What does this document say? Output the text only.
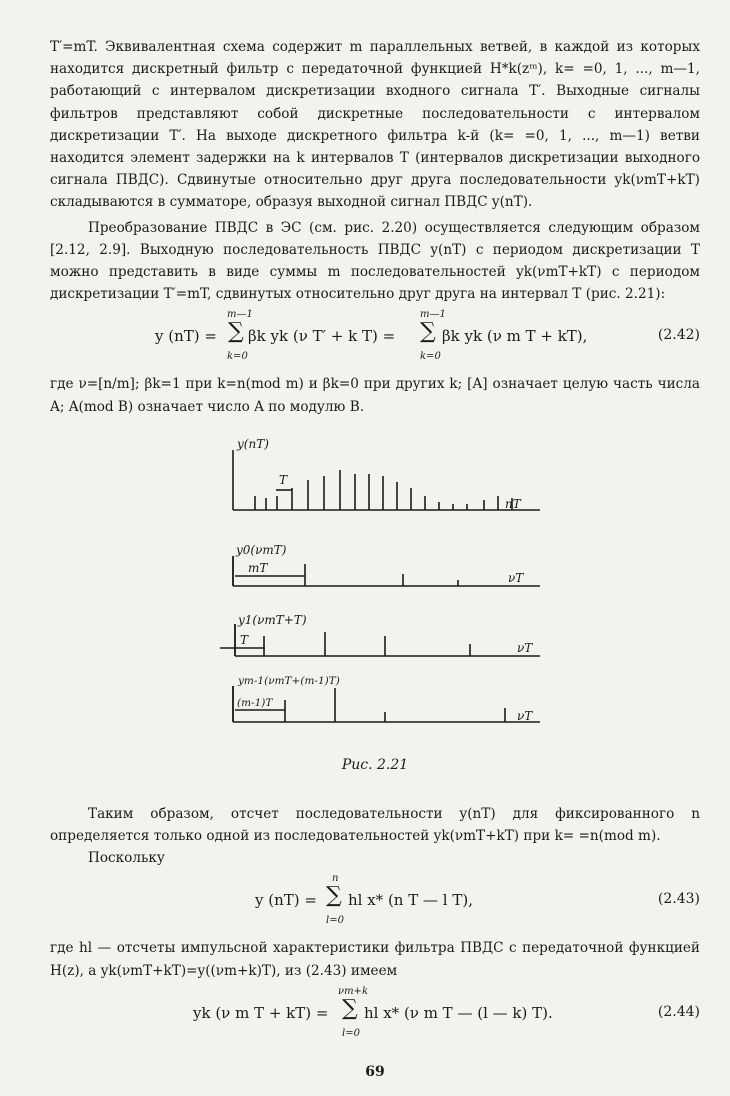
T′=mT. Эквивалентная схема содержит m параллельных ветвей, в каждой из которых находится дискретный фильтр с передаточной функцией H*k(zᵐ), k= =0, 1, ..., m—1, работающий с интервалом дискретизации входного сигнала T′. Выходные сигналы фильтров представляют собой дискретные последовательности с интервалом дискретизации T′. На выходе дискретного фильтра k-й (k= =0, 1, ..., m—1) ветви находится элемент задержки на k интервалов T (интервалов дискретизации выходного сигнала ПВДС). Сдвинутые относительно друг друга последовательности yk(νmT+kT) складываются в сумматоре, образуя выходной сигнал ПВДС y(nT).

Преобразование ПВДС в ЭС (см. рис. 2.20) осуществляется следующим образом [2.12, 2.9]. Выходную последовательность ПВДС y(nT) с периодом дискретизации T можно представить в виде суммы m последовательностей yk(νmT+kT) с периодом дискретизации T′=mT, сдвинутых относительно друг друга на интервал T (рис. 2.21):

y (nT) =
m—1
∑
k=0
βk yk (ν T′ + k T) =
m—1
∑
k=0
βk yk (ν m T + kT),	(2.42)

где ν=[n/m]; βk=1 при k=n(mod m) и βk=0 при других k; [A] означает целую часть числа A; A(mod B) означает число A по модулю B.

y(nT)
T
nT
y0(νmT)
mT
νT
y1(νmT+T)
T
νT
ym-1(νmT+(m-1)T)
(m-1)T
νT
Рис. 2.21

Таким образом, отсчет последовательности y(nT) для фиксированного n определяется только одной из последовательностей yk(νmT+kT) при k= =n(mod m).

Поскольку

y (nT) =
n
∑
l=0
hl x* (n T — l T),	(2.43)

где hl — отсчеты импульсной характеристики фильтра ПВДС с передаточной функцией H(z), а yk(νmT+kT)=y((νm+k)T), из (2.43) имеем

yk (ν m T + kT) =
νm+k
∑
l=0
hl x* (ν m T — (l — k) T).	(2.44)
69
